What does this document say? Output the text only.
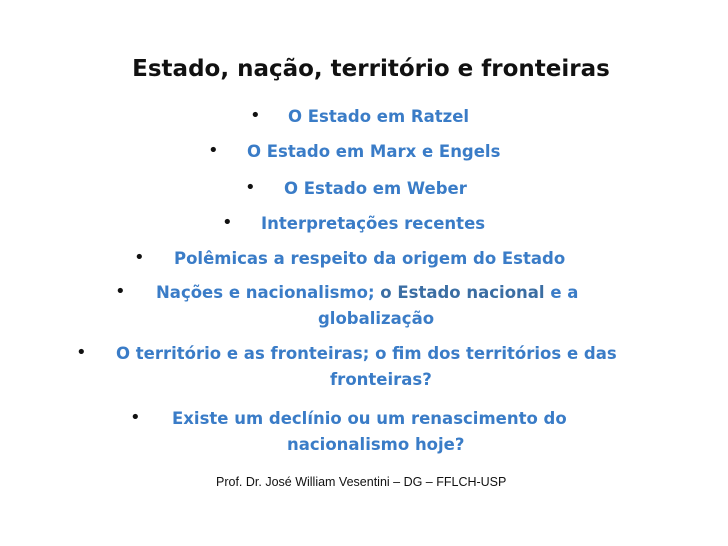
Estado, nação, território e fronteiras
• O Estado em Ratzel
• O Estado em Marx e Engels
• O Estado em Weber
• Interpretações recentes
• Polêmicas a respeito da origem do Estado
• Nações e nacionalismo; o Estado nacional e a
globalização
• O território e as fronteiras; o fim dos territórios e das
fronteiras?
• Existe um declínio ou um renascimento do
nacionalismo hoje?
Prof. Dr. José William Vesentini – DG – FFLCH-USP
